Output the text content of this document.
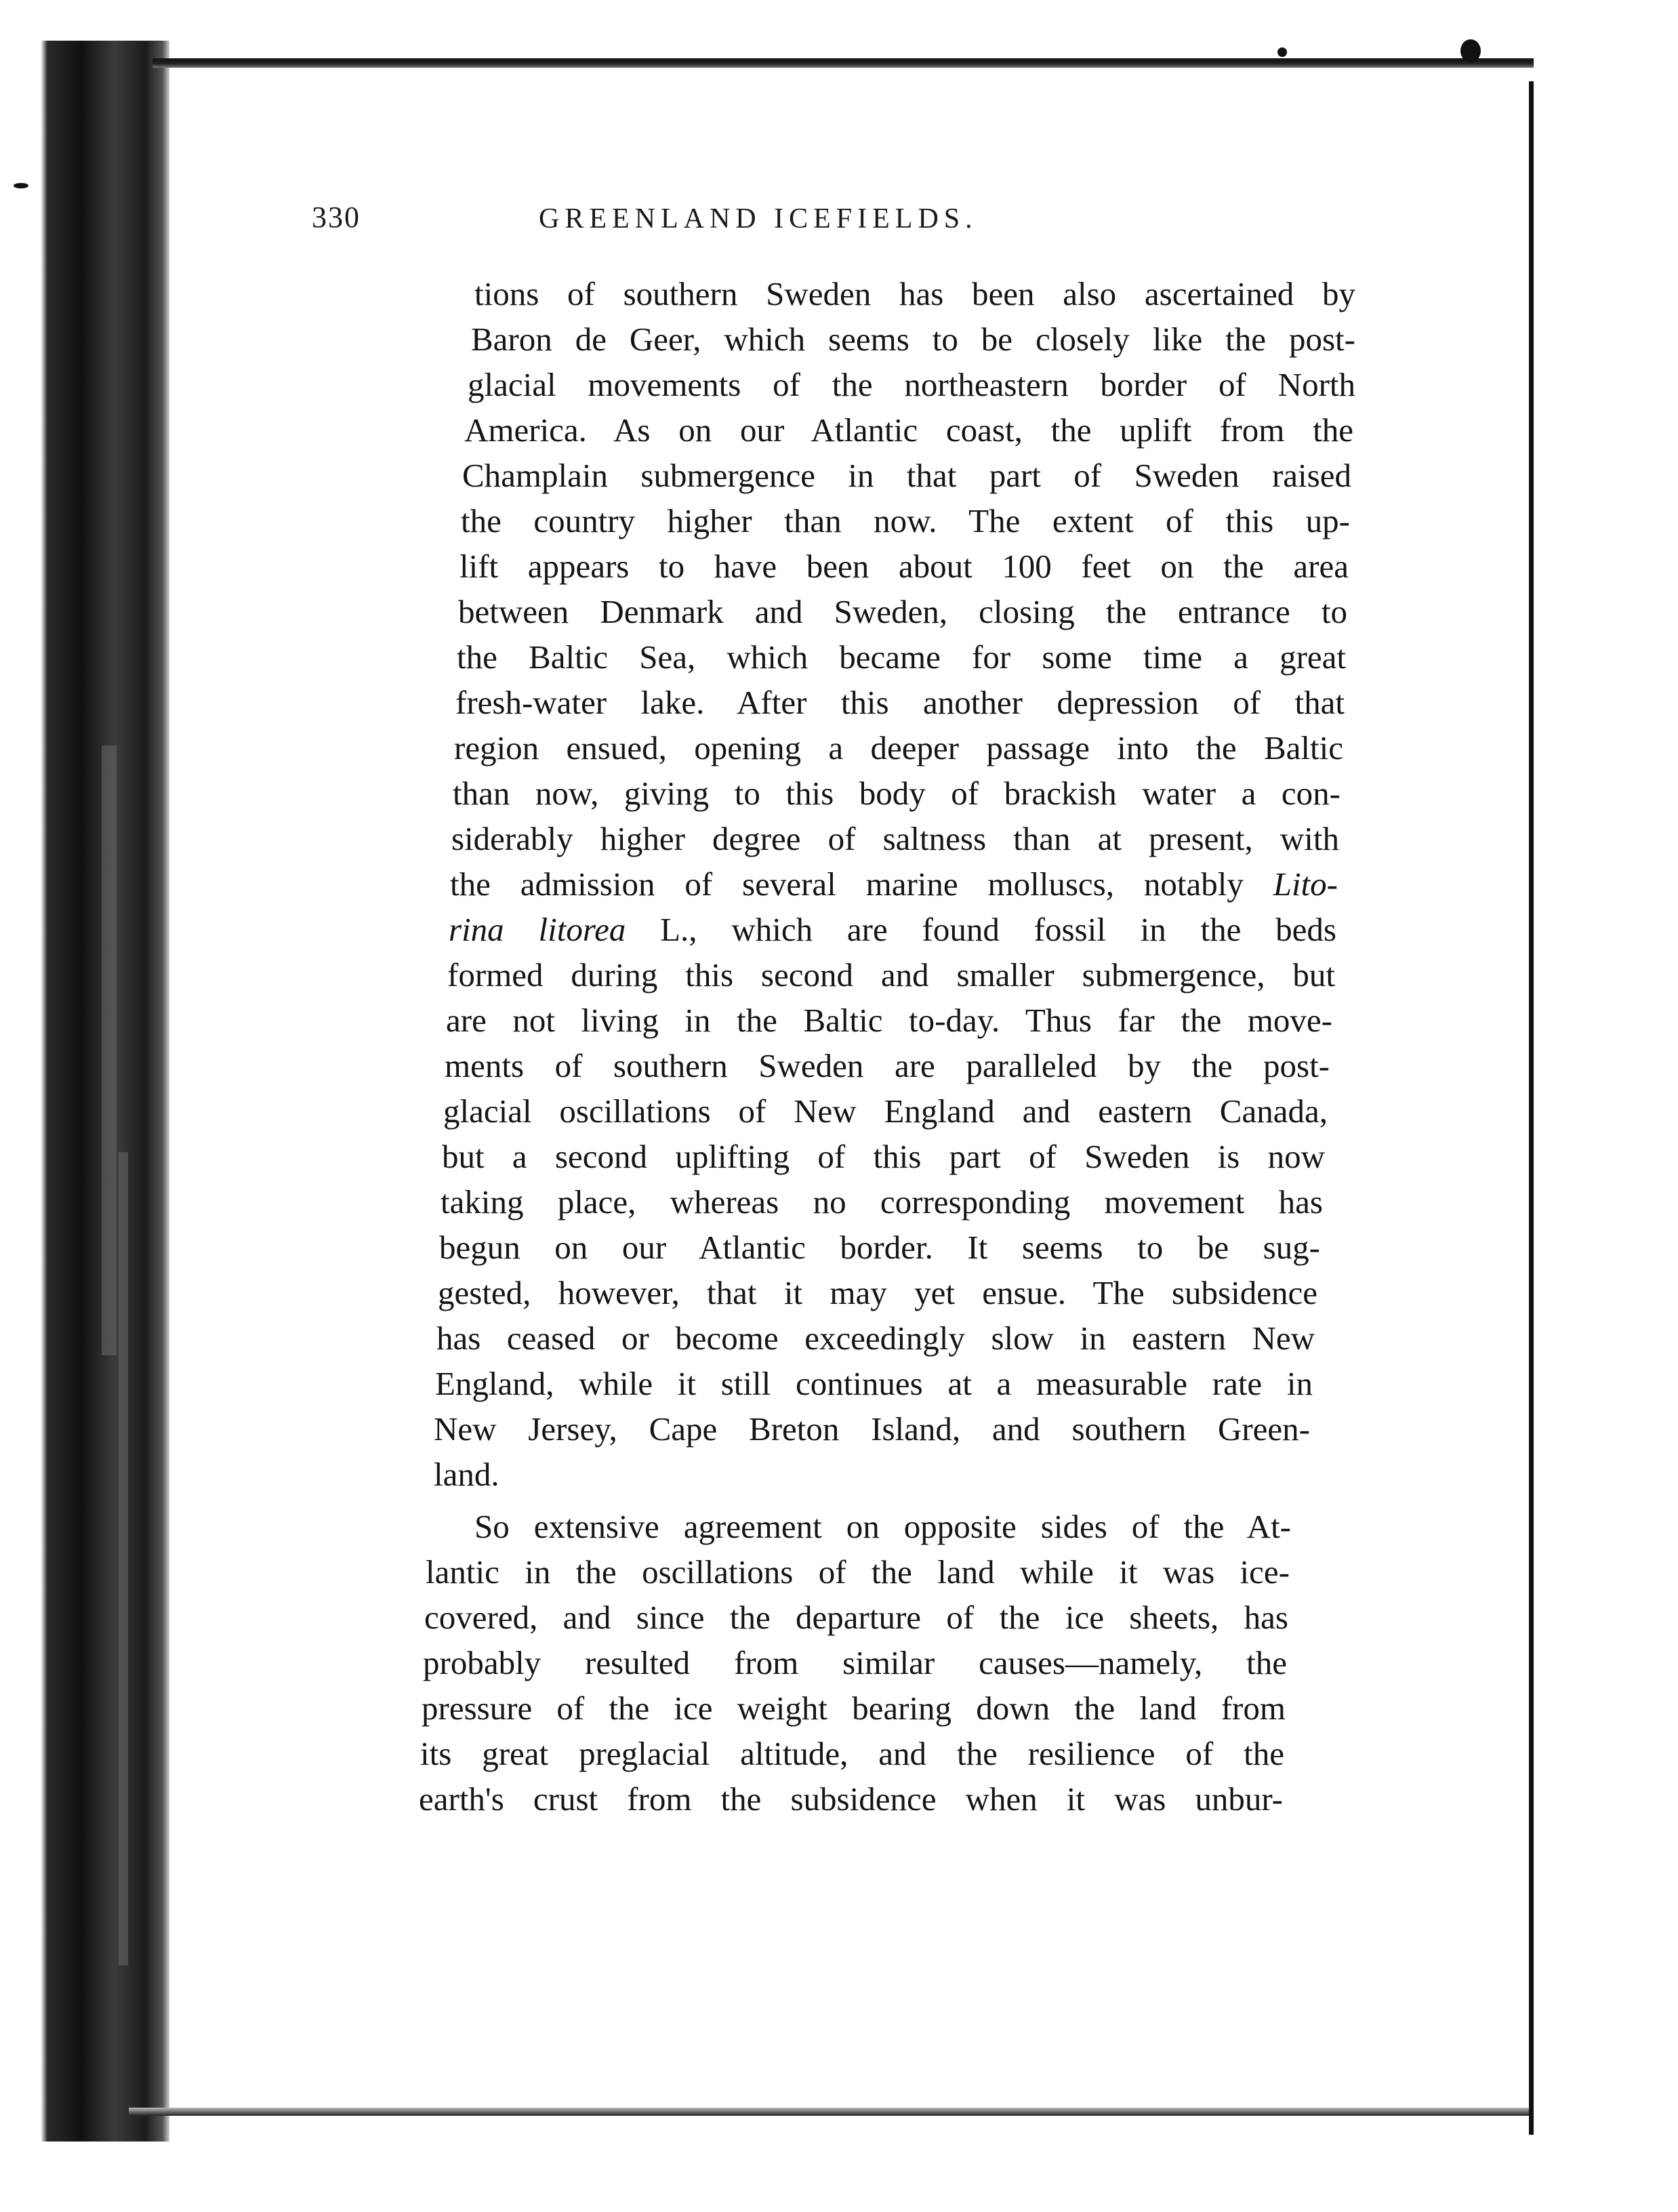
330	GREENLAND ICEFIELDS.
tions of southern Sweden has been also ascertained by
Baron de Geer, which seems to be closely like the post-
glacial movements of the northeastern border of North
America. As on our Atlantic coast, the uplift from the
Champlain submergence in that part of Sweden raised
the country higher than now. The extent of this up-
lift appears to have been about 100 feet on the area
between Denmark and Sweden, closing the entrance to
the Baltic Sea, which became for some time a great
fresh-water lake. After this another depression of that
region ensued, opening a deeper passage into the Baltic
than now, giving to this body of brackish water a con-
siderably higher degree of saltness than at present, with
the admission of several marine molluscs, notably Lito-
rina litorea L., which are found fossil in the beds
formed during this second and smaller submergence, but
are not living in the Baltic to-day. Thus far the move-
ments of southern Sweden are paralleled by the post-
glacial oscillations of New England and eastern Canada,
but a second uplifting of this part of Sweden is now
taking place, whereas no corresponding movement has
begun on our Atlantic border. It seems to be sug-
gested, however, that it may yet ensue. The subsidence
has ceased or become exceedingly slow in eastern New
England, while it still continues at a measurable rate in
New Jersey, Cape Breton Island, and southern Green-
land.
So extensive agreement on opposite sides of the At-
lantic in the oscillations of the land while it was ice-
covered, and since the departure of the ice sheets, has
probably resulted from similar causes—namely, the
pressure of the ice weight bearing down the land from
its great preglacial altitude, and the resilience of the
earth's crust from the subsidence when it was unbur-
